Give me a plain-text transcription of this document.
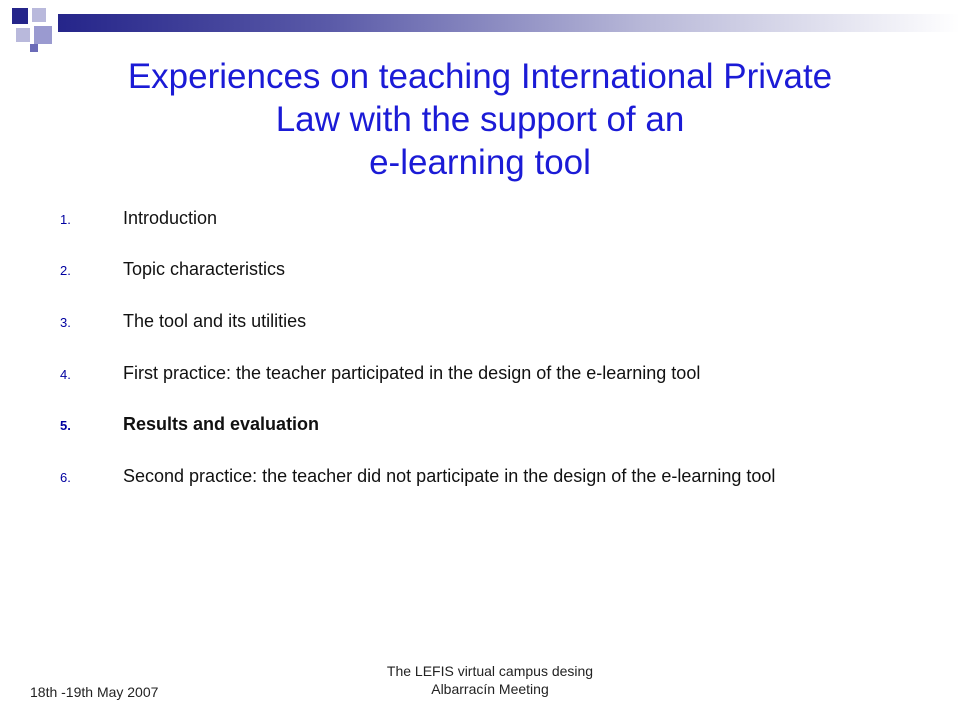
Experiences on teaching International Private
Law with the support of an
e-learning tool
1.	Introduction
2.	Topic characteristics
3.	The tool and its utilities
4.	First practice: the teacher participated in the design of the e-learning tool
5.	Results and evaluation
6.	Second practice: the teacher did not participate in the design of the e-learning tool
18th -19th May 2007
The LEFIS virtual campus desing
Albarracín Meeting
